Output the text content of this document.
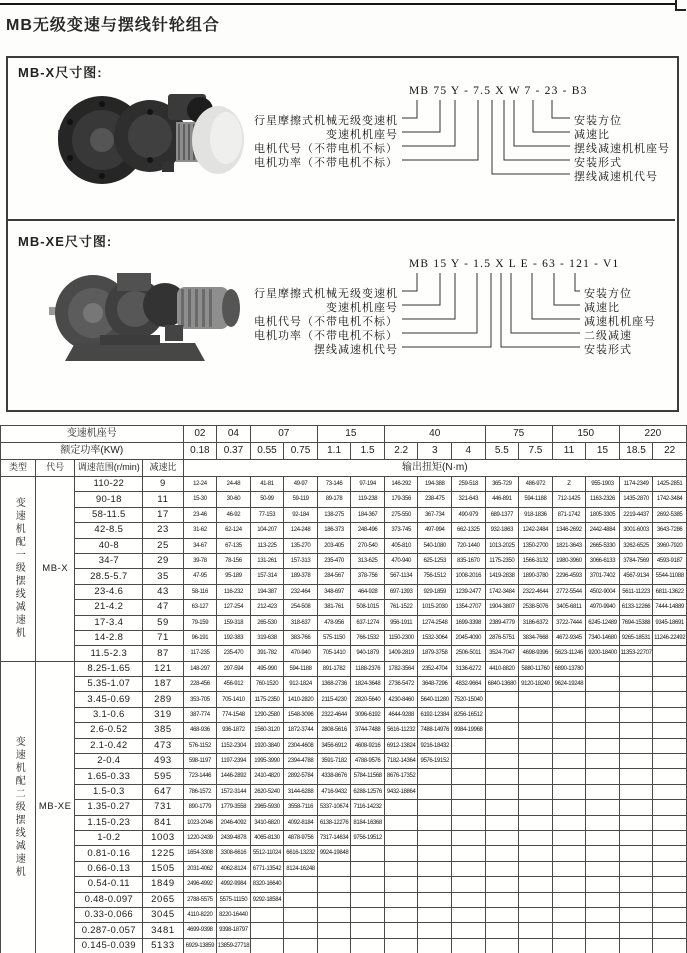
MB无级变速与摆线针轮组合
MB-X尺寸图:
MB 75 Y - 7.5 X W 7 - 23 - B3
行星摩擦式机械无级变速机
变速机机座号
电机代号（不带电机不标）
电机功率（不带电机不标）
安装方位
减速比
摆线减速机机座号
安装形式
摆线减速机代号
MB-XE尺寸图:
MB 15 Y - 1.5 X L E - 63 - 121 - V1
行星摩擦式机械无级变速机
变速机机座号
电机代号（不带电机不标）
电机功率（不带电机不标）
摆线减速机代号
安装方位
减速比
减速机机座号
二级减速
安装形式
变速机座号				02	04	07		15		40			75		150		220	
额定功率(KW)				0.18	0.37	0.55	0.75	1.1	1.5	2.2	3	4	5.5	7.5	11	15	18.5	22
类型	代号	调速范围(r/min)	减速比	输出扭矩(N·m)														
变速机配一级摆线减速机	MB-X	110-22	9	12-24	24-48	41-81	49-97	73-146	97-194	146-292	194-388	259-518	365-729	486-972	Z	955-1903	1174-2349	1425-2851
		90-18	11	15-30	30-60	50-99	59-119	89-178	119-238	179-356	238-475	321-643	446-891	594-1188	712-1425	1163-2326	1435-2870	1742-3484
		58-11.5	17	23-46	46-92	77-153	92-184	138-275	184-367	275-550	367-734	490-979	689-1377	918-1836	871-1742	1805-3305	2219-4437	2692-5385
		42-8.5	23	31-62	62-124	104-207	124-248	186-373	248-496	373-745	497-994	662-1325	932-1863	1242-2484	1346-2692	2442-4884	3001-6003	3643-7286
		40-8	25	34-67	67-135	113-225	135-270	203-405	270-540	405-810	540-1080	720-1440	1013-2025	1350-2700	1821-3643	2665-5330	3262-6525	3960-7920
		34-7	29	39-78	78-156	131-261	157-313	235-470	313-625	470-940	625-1253	835-1670	1175-2350	1566-3132	1980-3960	3066-6133	3784-7569	4593-9187
		28.5-5.7	35	47-95	95-189	157-314	189-378	284-567	378-756	567-1134	756-1512	1008-2016	1419-2838	1890-3780	2296-4593	3701-7402	4567-9134	5544-11088
		23-4.6	43	58-116	116-232	194-387	232-464	348-697	464-928	697-1393	929-1859	1239-2477	1742-3484	2322-4644	2772-5544	4502-9004	5611-11223	6811-13622
		21-4.2	47	63-127	127-254	212-423	254-508	381-761	508-1015	761-1522	1015-2030	1354-2707	1904-3807	2538-5076	3405-6811	4970-9940	6133-12266	7444-14889
		17-3.4	59	79-159	159-318	265-530	318-637	478-956	637-1274	956-1911	1274-2548	1699-3398	2389-4779	3186-6372	3722-7444	6245-12489	7694-15388	9345-18691
		14-2.8	71	96-191	192-383	319-638	383-766	575-1150	766-1532	1150-2300	1532-3064	2045-4090	2876-5751	3834-7668	4672-9345	7340-14680	9265-18531	11246-22492
		11.5-2.3	87	117-235	235-470	391-782	470-940	705-1410	940-1879	1409-2819	1879-3758	2506-5011	3524-7047	4698-9396	5623-11246	9200-18400	11353-22707	
变速机配二级摆线减速机	MB-XE	8.25-1.65	121	148-297	297-594	495-990	594-1188	891-1782	1188-2376	1782-3564	2352-4704	3136-6272	4410-8820	5880-11760	6890-13780			
		5.35-1.07	187	228-456	456-912	760-1520	912-1824	1368-2736	1824-3648	2736-5472	3648-7296	4832-9664	6840-13680	9120-18240	9624-19248			
		3.45-0.69	289	353-705	705-1410	1175-2350	1410-2820	2115-4230	2820-5640	4230-8460	5640-11280	7520-15040						
		3.1-0.6	319	387-774	774-1548	1290-2580	1548-3096	2322-4644	3096-6192	4644-9288	6192-12384	8256-16512						
		2.6-0.52	385	468-936	936-1872	1560-3120	1872-3744	2808-5616	3744-7488	5616-11232	7488-14976	9984-19968						
		2.1-0.42	473	576-1152	1152-2304	1920-3840	2304-4608	3456-6912	4608-9216	6912-13824	9216-18432							
		2-0.4	493	598-1197	1197-2394	1995-3990	2394-4788	3591-7182	4788-9576	7182-14364	9576-19152							
		1.65-0.33	595	723-1446	1446-2892	2410-4820	2892-5784	4338-8676	5784-11568	8676-17352								
		1.5-0.3	647	786-1572	1572-3144	2620-5240	3144-6288	4716-9432	6288-12576	9432-18864								
		1.35-0.27	731	890-1779	1779-3558	2965-5930	3558-7116	5337-10674	7116-14232									
		1.15-0.23	841	1023-2046	2046-4092	3410-6820	4092-8184	6138-12276	8184-16368									
		1-0.2	1003	1220-2439	2439-4878	4065-8130	4878-9756	7317-14634	9756-19512									
		0.81-0.16	1225	1654-3308	3308-6616	5512-11024	6616-13232	9924-19848										
		0.66-0.13	1505	2031-4062	4062-8124	6771-13542	8124-16248											
		0.54-0.11	1849	2496-4992	4992-9984	8320-16640												
		0.48-0.097	2065	2788-5575	5575-11150	9292-18584												
		0.33-0.066	3045	4110-8220	8220-16440													
		0.287-0.057	3481	4699-9398	9398-18797													
		0.145-0.039	5133	6929-13859	13859-27718													
